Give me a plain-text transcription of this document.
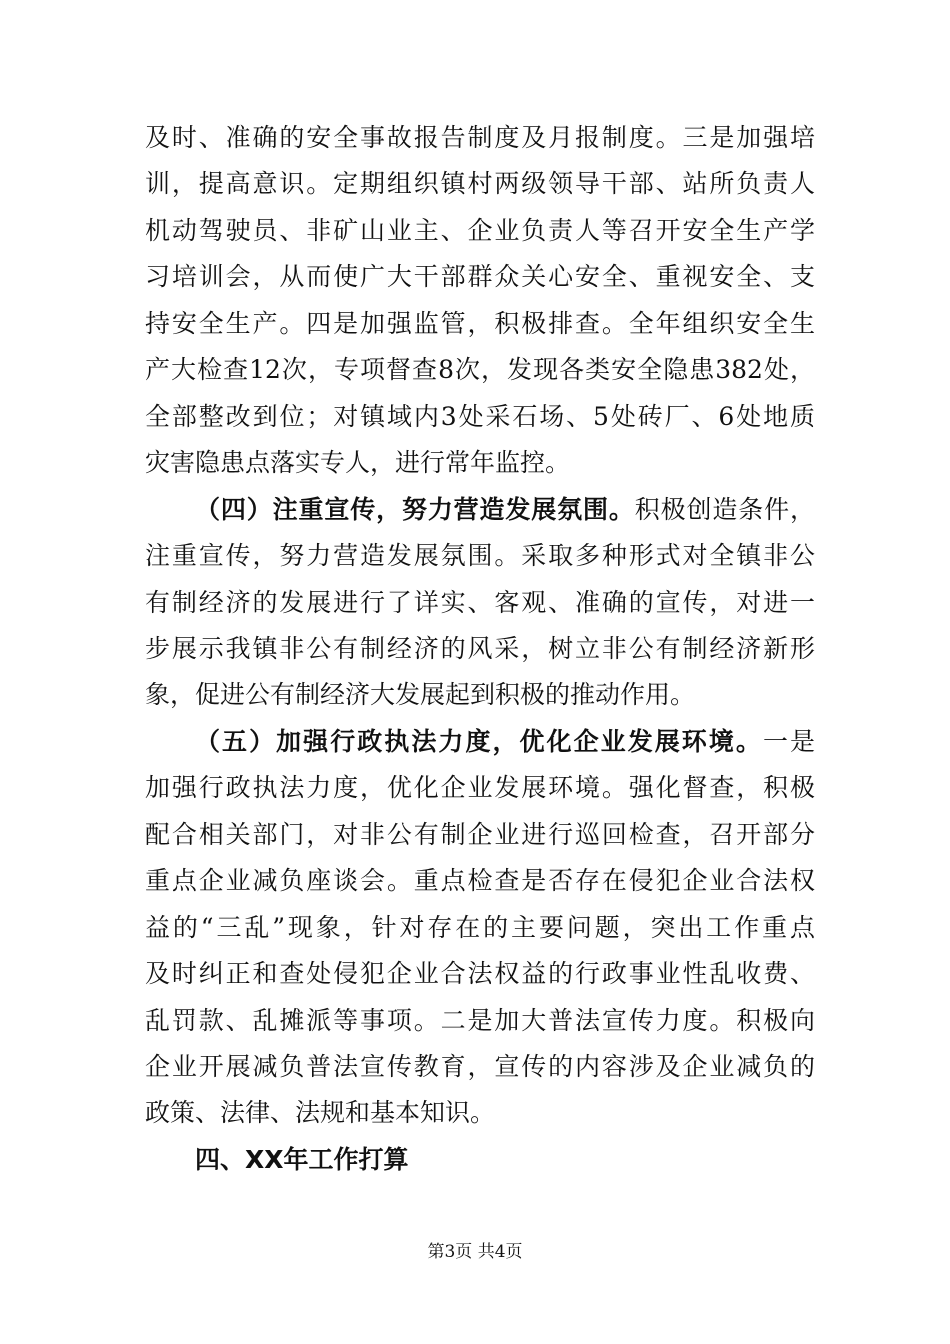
及时、准确的安全事故报告制度及月报制度。三是加强培
训，提高意识。定期组织镇村两级领导干部、站所负责人
机动驾驶员、非矿山业主、企业负责人等召开安全生产学
习培训会，从而使广大干部群众关心安全、重视安全、支
持安全生产。四是加强监管，积极排查。全年组织安全生
产大检查12次，专项督查8次，发现各类安全隐患382处，
全部整改到位；对镇域内3处采石场、5处砖厂、6处地质
灾害隐患点落实专人，进行常年监控。
（四）注重宣传，努力营造发展氛围。积极创造条件，
注重宣传，努力营造发展氛围。采取多种形式对全镇非公
有制经济的发展进行了详实、客观、准确的宣传，对进一
步展示我镇非公有制经济的风采，树立非公有制经济新形
象，促进公有制经济大发展起到积极的推动作用。
（五）加强行政执法力度，优化企业发展环境。一是
加强行政执法力度，优化企业发展环境。强化督查，积极
配合相关部门，对非公有制企业进行巡回检查，召开部分
重点企业减负座谈会。重点检查是否存在侵犯企业合法权
益的“三乱”现象，针对存在的主要问题，突出工作重点
及时纠正和查处侵犯企业合法权益的行政事业性乱收费、
乱罚款、乱摊派等事项。二是加大普法宣传力度。积极向
企业开展减负普法宣传教育，宣传的内容涉及企业减负的
四、XX年工作打算
第3页 共4页
政策、法律、法规和基本知识。
